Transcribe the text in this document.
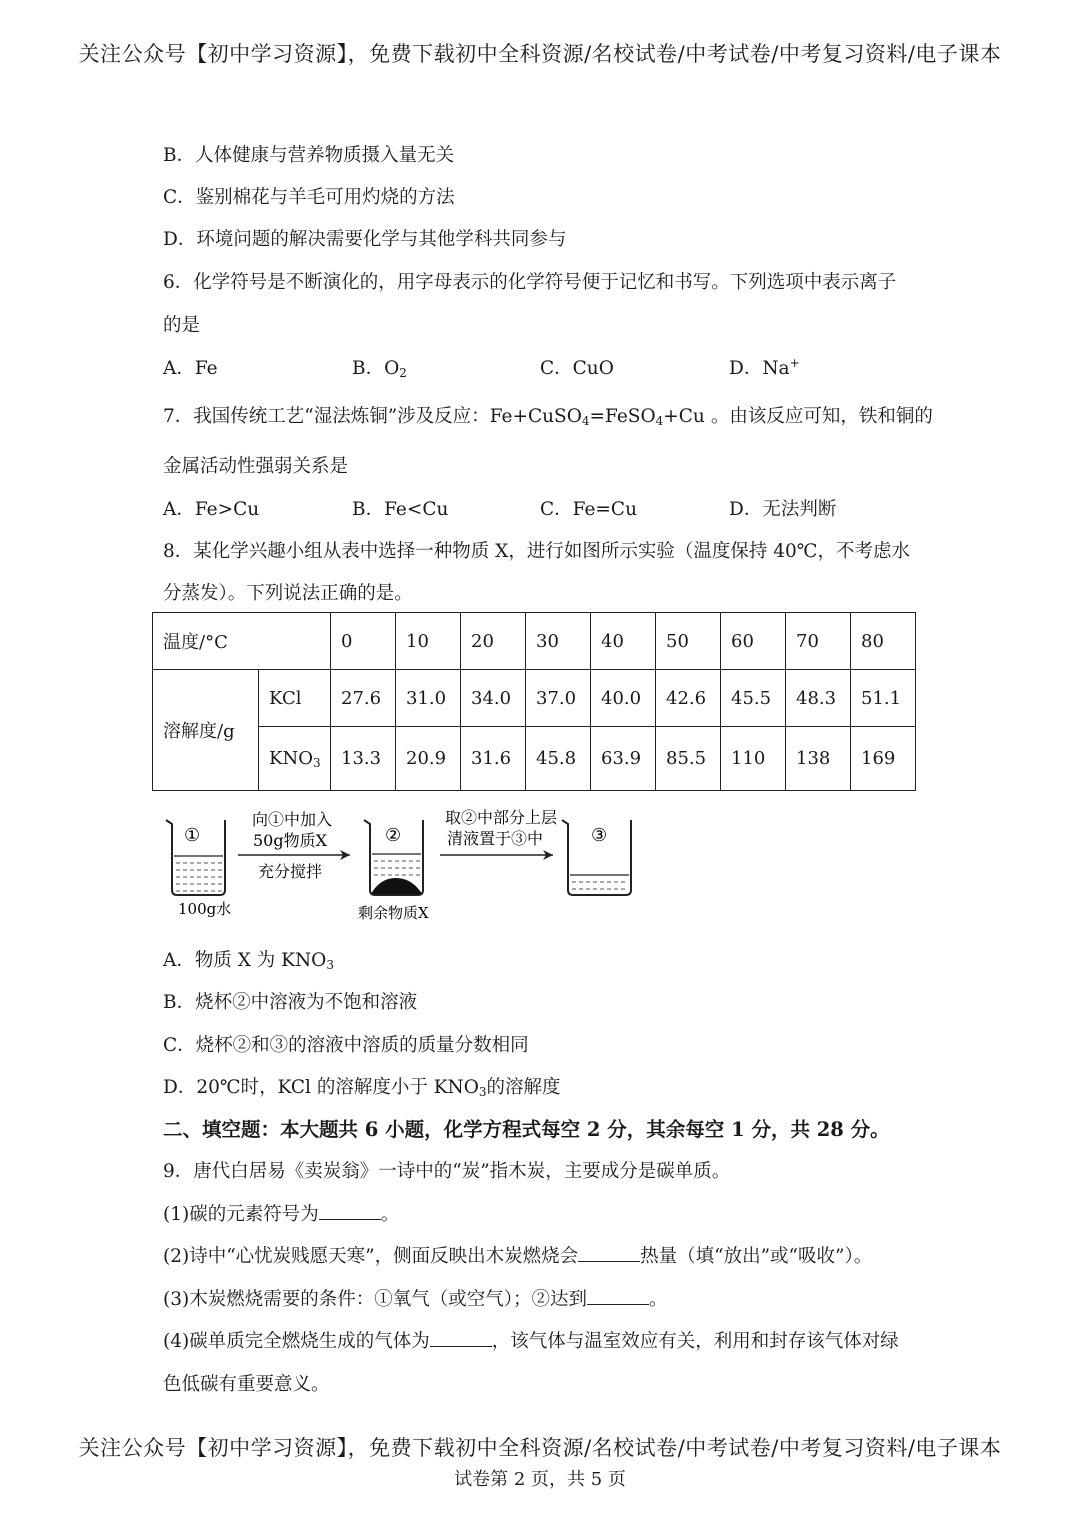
关注公众号【初中学习资源】，免费下载初中全科资源/名校试卷/中考试卷/中考复习资料/电子课本
B．人体健康与营养物质摄入量无关
C．鉴别棉花与羊毛可用灼烧的方法
D．环境问题的解决需要化学与其他学科共同参与
6．化学符号是不断演化的，用字母表示的化学符号便于记忆和书写。下列选项中表示离子
的是
A．Fe	B．$O_2$	C．CuO	D．Na+
7．我国传统工艺“湿法炼铜”涉及反应：Fe+CuSO$_4$=FeSO$_4$+Cu 。由该反应可知，铁和铜的
金属活动性强弱关系是
A．Fe>Cu	B．Fe<Cu	C．Fe=Cu	D．无法判断
8．某化学兴趣小组从表中选择一种物质 X，进行如图所示实验（温度保持 40℃，不考虑水
分蒸发）。下列说法正确的是。
温度/°C		0	10	20	30	40	50	60	70	80
溶解度/g	KCl	27.6	31.0	34.0	37.0	40.0	42.6	45.5	48.3	51.1
	$KNO_3$	13.3	20.9	31.6	45.8	63.9	85.5	110	138	169
①
100g水
向①中加入
50g物质X
充分搅拌
②
剩余物质X
取②中部分上层
清液置于③中	③
A．物质 X 为 $KNO_3$
B．烧杯②中溶液为不饱和溶液
C．烧杯②和③的溶液中溶质的质量分数相同
D．20℃时，KCl 的溶解度小于 $KNO_3$的溶解度
二、填空题：本大题共 6 小题，化学方程式每空 2 分，其余每空 1 分，共 28 分。
9．唐代白居易《卖炭翁》一诗中的“炭”指木炭，主要成分是碳单质。
(1)碳的元素符号为	。
(2)诗中“心忧炭贱愿天寒”，侧面反映出木炭燃烧会	热量（填“放出”或“吸收”）。
(3)木炭燃烧需要的条件：①氧气（或空气）；②达到	。
(4)碳单质完全燃烧生成的气体为	，该气体与温室效应有关，利用和封存该气体对绿
色低碳有重要意义。
关注公众号【初中学习资源】，免费下载初中全科资源/名校试卷/中考试卷/中考复习资料/电子课本
试卷第 2 页，共 5 页
